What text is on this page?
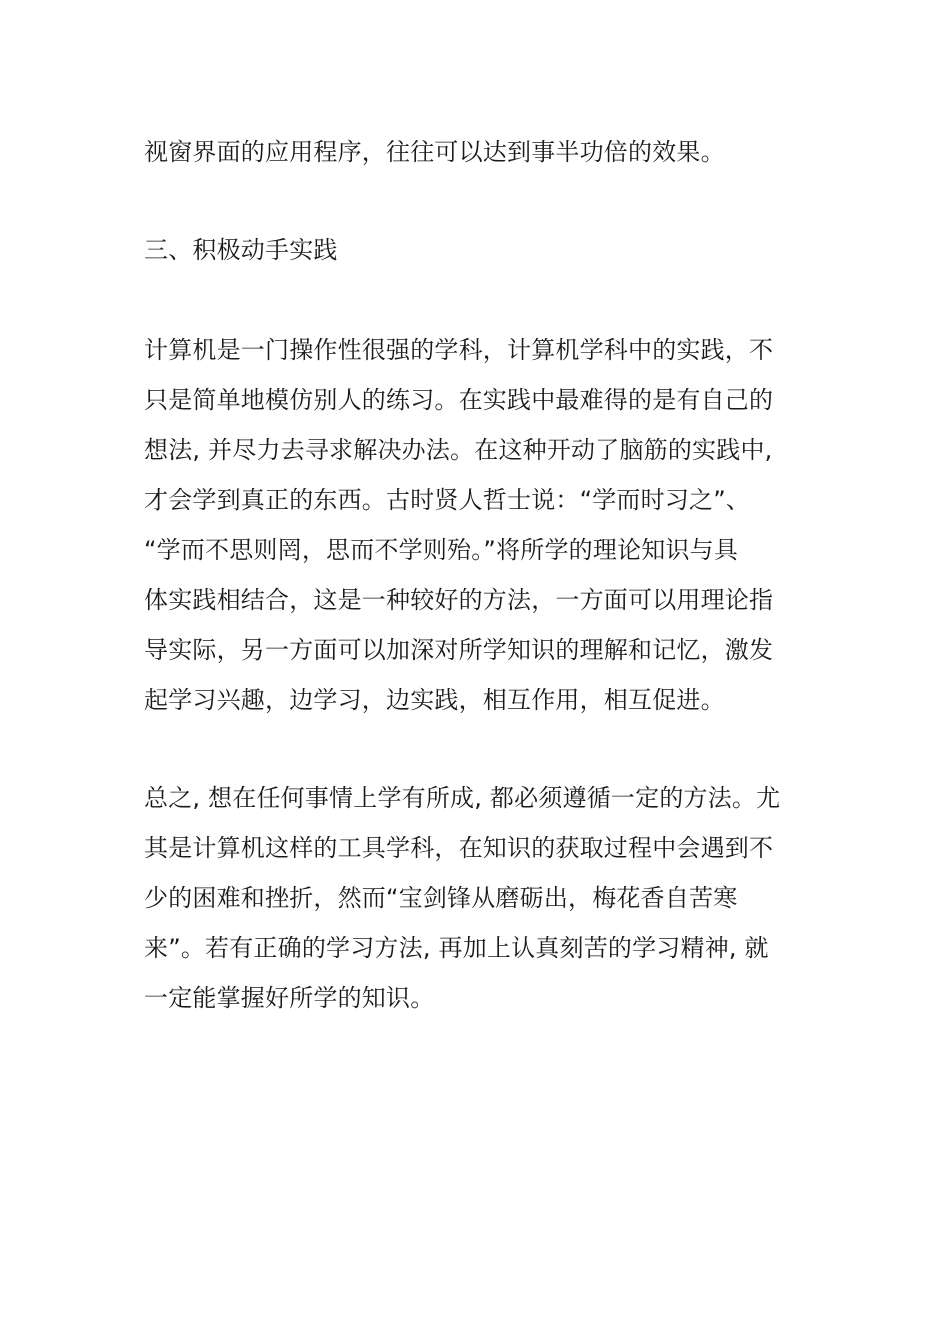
视窗界面的应用程序，往往可以达到事半功倍的效果。
三、积极动手实践
计算机是一门操作性很强的学科，计算机学科中的实践，不
只是简单地模仿别人的练习。在实践中最难得的是有自己的
想法, 并尽力去寻求解决办法。在这种开动了脑筋的实践中,
才会学到真正的东西。古时贤人哲士说：“学而时习之”、
“学而不思则罔，思而不学则殆。”将所学的理论知识与具
体实践相结合，这是一种较好的方法，一方面可以用理论指
导实际，另一方面可以加深对所学知识的理解和记忆，激发
起学习兴趣，边学习，边实践，相互作用，相互促进。
总之, 想在任何事情上学有所成, 都必须遵循一定的方法。尤
其是计算机这样的工具学科，在知识的获取过程中会遇到不
少的困难和挫折，然而“宝剑锋从磨砺出，梅花香自苦寒
来”。若有正确的学习方法, 再加上认真刻苦的学习精神, 就
一定能掌握好所学的知识。
